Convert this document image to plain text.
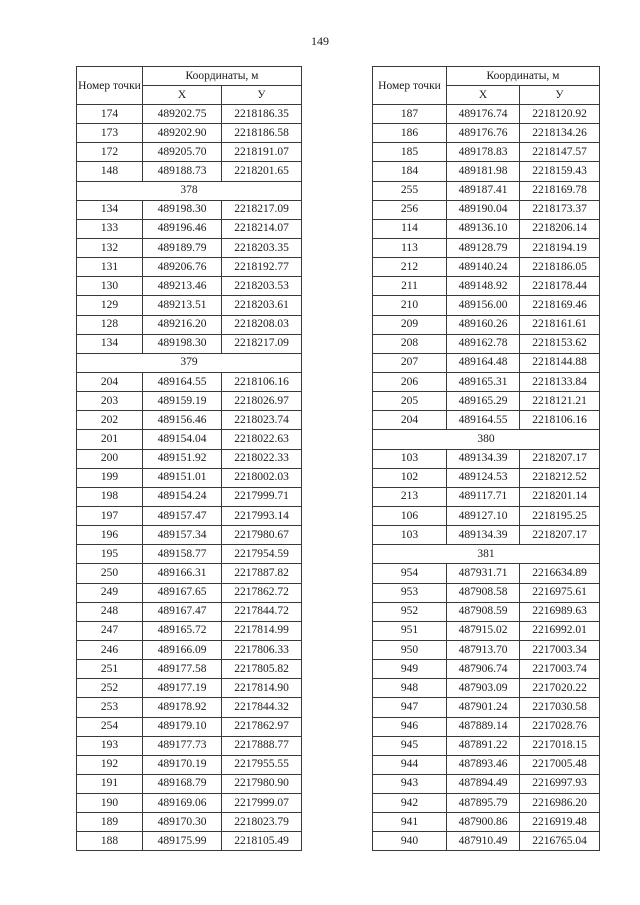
149
Номер точки	Координаты, м	
	Х	У
174	489202.75	2218186.35
173	489202.90	2218186.58
172	489205.70	2218191.07
148	489188.73	2218201.65
378		
134	489198.30	2218217.09
133	489196.46	2218214.07
132	489189.79	2218203.35
131	489206.76	2218192.77
130	489213.46	2218203.53
129	489213.51	2218203.61
128	489216.20	2218208.03
134	489198.30	2218217.09
379		
204	489164.55	2218106.16
203	489159.19	2218026.97
202	489156.46	2218023.74
201	489154.04	2218022.63
200	489151.92	2218022.33
199	489151.01	2218002.03
198	489154.24	2217999.71
197	489157.47	2217993.14
196	489157.34	2217980.67
195	489158.77	2217954.59
250	489166.31	2217887.82
249	489167.65	2217862.72
248	489167.47	2217844.72
247	489165.72	2217814.99
246	489166.09	2217806.33
251	489177.58	2217805.82
252	489177.19	2217814.90
253	489178.92	2217844.32
254	489179.10	2217862.97
193	489177.73	2217888.77
192	489170.19	2217955.55
191	489168.79	2217980.90
190	489169.06	2217999.07
189	489170.30	2218023.79
188	489175.99	2218105.49
Номер точки	Координаты, м	
	Х	У
187	489176.74	2218120.92
186	489176.76	2218134.26
185	489178.83	2218147.57
184	489181.98	2218159.43
255	489187.41	2218169.78
256	489190.04	2218173.37
114	489136.10	2218206.14
113	489128.79	2218194.19
212	489140.24	2218186.05
211	489148.92	2218178.44
210	489156.00	2218169.46
209	489160.26	2218161.61
208	489162.78	2218153.62
207	489164.48	2218144.88
206	489165.31	2218133.84
205	489165.29	2218121.21
204	489164.55	2218106.16
380		
103	489134.39	2218207.17
102	489124.53	2218212.52
213	489117.71	2218201.14
106	489127.10	2218195.25
103	489134.39	2218207.17
381		
954	487931.71	2216634.89
953	487908.58	2216975.61
952	487908.59	2216989.63
951	487915.02	2216992.01
950	487913.70	2217003.34
949	487906.74	2217003.74
948	487903.09	2217020.22
947	487901.24	2217030.58
946	487889.14	2217028.76
945	487891.22	2217018.15
944	487893.46	2217005.48
943	487894.49	2216997.93
942	487895.79	2216986.20
941	487900.86	2216919.48
940	487910.49	2216765.04
